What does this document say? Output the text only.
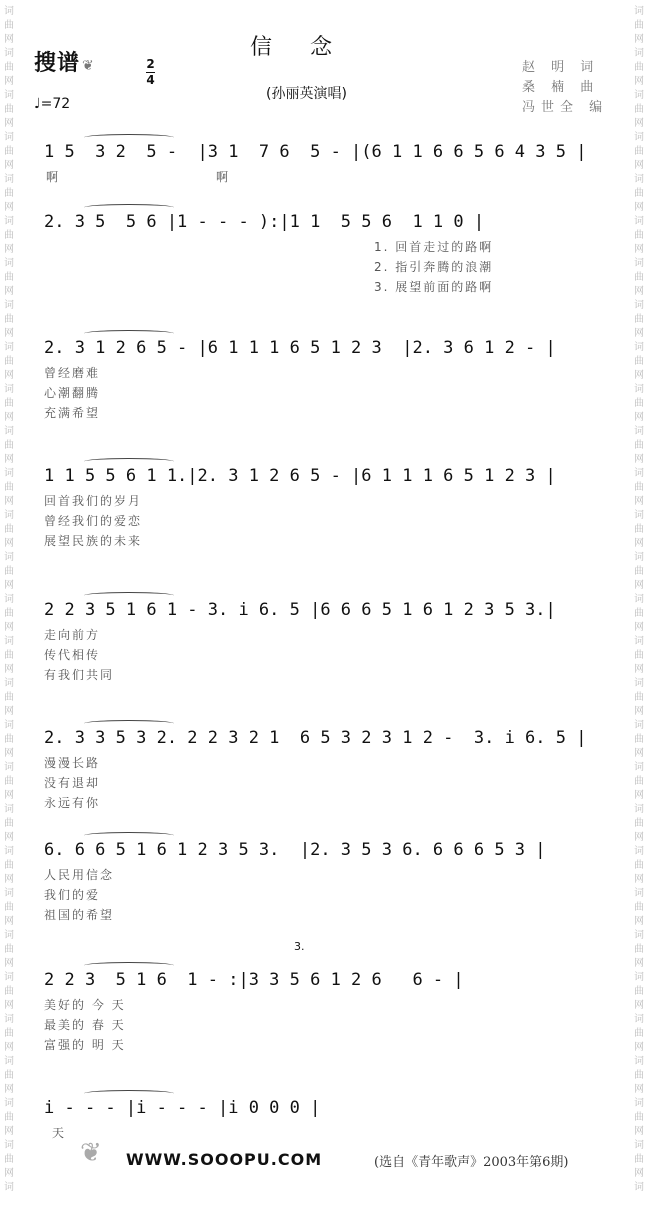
词
曲
网
词
曲
网
词
曲
网
词
曲
网
词
曲
网
词
曲
网
词
曲
网
词
曲
网
词
曲
网
词
曲
网
词
曲
网
词
曲
网
词
曲
网
词
曲
网
词
曲
网
词
曲
网
词
曲
网
词
曲
网
词
曲
网
词
曲
网
词
曲
网
词
曲
网
词
曲
网
词
曲
网
词
曲
网
词
曲
网
词
曲
网
词
曲
网
词
词
曲
网
词
曲
网
词
曲
网
词
曲
网
词
曲
网
词
曲
网
词
曲
网
词
曲
网
词
曲
网
词
曲
网
词
曲
网
词
曲
网
词
曲
网
词
曲
网
词
曲
网
词
曲
网
词
曲
网
词
曲
网
词
曲
网
词
曲
网
词
曲
网
词
曲
网
词
曲
网
词
曲
网
词
曲
网
词
曲
网
词
曲
网
词
曲
网
词
搜谱 ❦	2
4
♩=72
信念
(孙丽英演唱)
赵 明 词
桑 楠 曲
冯世全 编
1 5  3 2  5 -  |3 1  7 6  5 - |(6 1 1 6 6 5 6 4 3 5 |
啊	啊
2. 3 5  5 6 |1 - - - ):|1 1  5 5 6  1 1 0 |
1. 回首走过的路啊
2. 指引奔腾的浪潮
3. 展望前面的路啊
2. 3 1 2 6 5 - |6 1 1 1 6 5 1 2 3  |2. 3 6 1 2 - |
曾经磨难
心潮翻腾
充满希望
1 1 5 5 6 1 1.|2. 3 1 2 6 5 - |6 1 1 1 6 5 1 2 3 |
回首我们的岁月
曾经我们的爱恋
展望民族的未来
2 2 3 5 1 6 1 - 3. i 6. 5 |6 6 6 5 1 6 1 2 3 5 3.|
走向前方
传代相传
有我们共同
2. 3 3 5 3 2. 2 2 3 2 1  6 5 3 2 3 1 2 -  3. i 6. 5 |
漫漫长路
没有退却
永远有你
6. 6 6 5 1 6 1 2 3 5 3.  |2. 3 5 3 6. 6 6 6 5 3 |
人民用信念
我们的爱
祖国的希望
2 2 3  5 1 6  1 - :|3 3 5 6 1 2 6   6 - |
美好的 今 天
最美的 春 天
富强的 明 天
i - - - |i - - - |i 0 0 0 |
3.
天
❦ WWW.SOOOPU.COM	(选自《青年歌声》2003年第6期)
